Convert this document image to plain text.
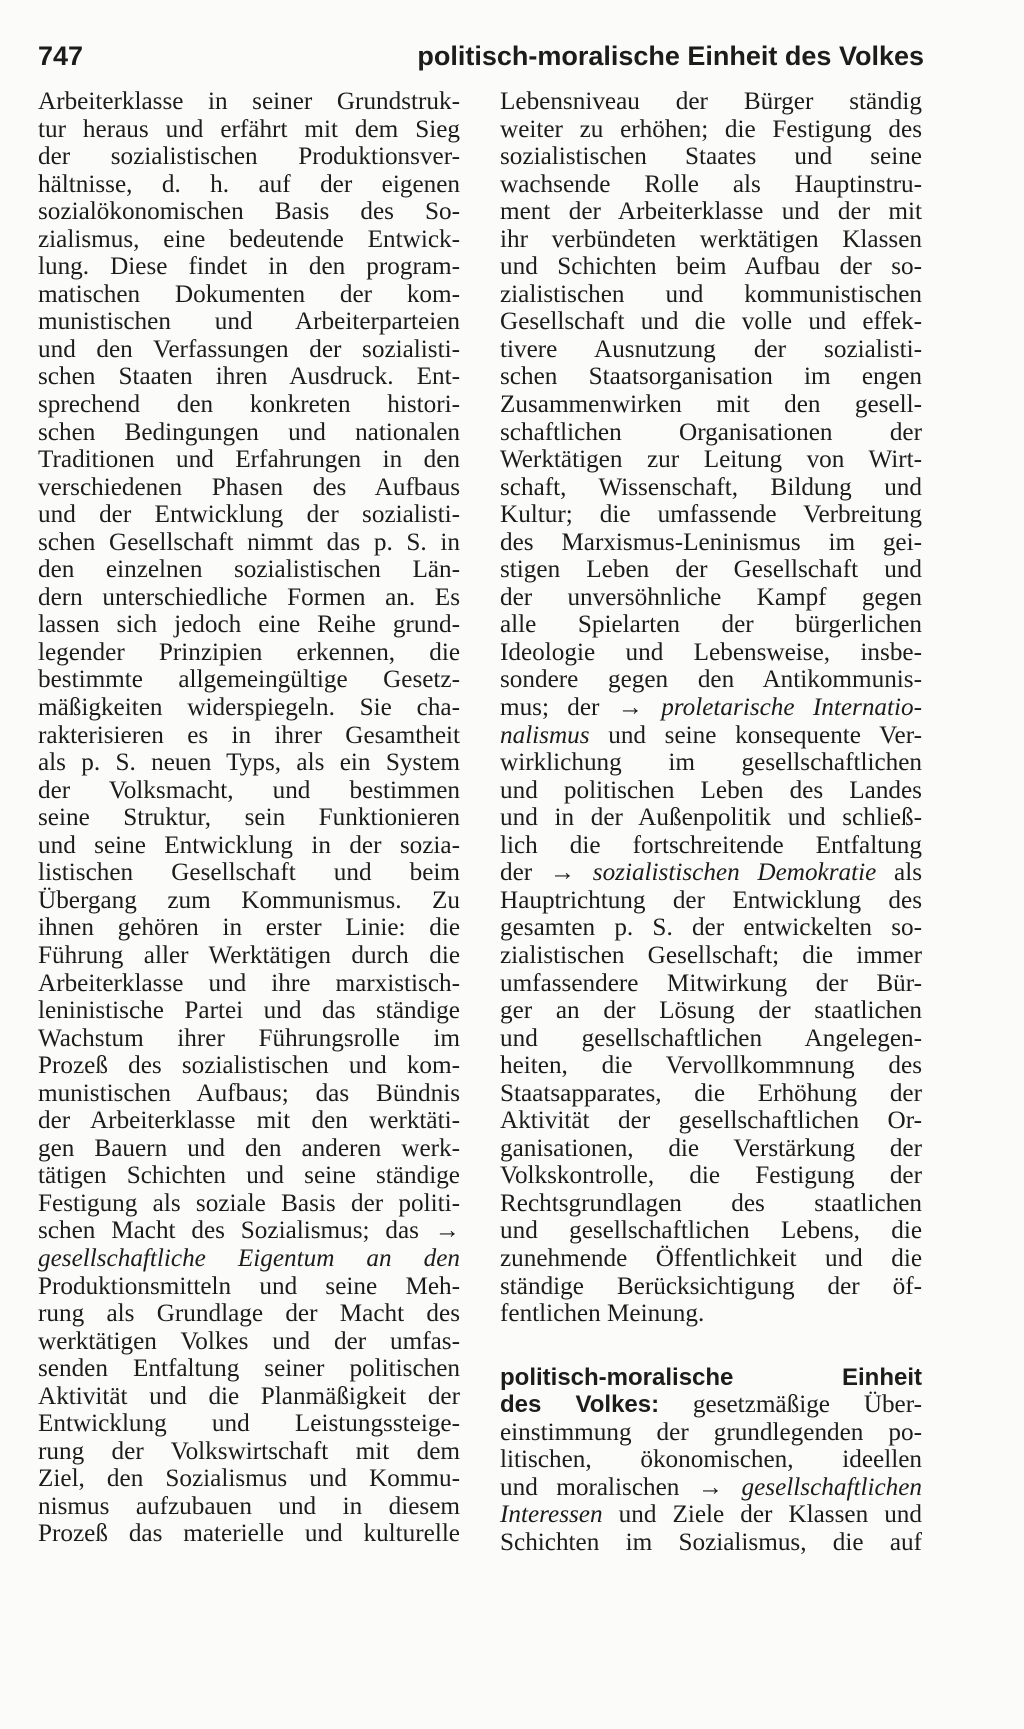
747	politisch-moralische Einheit des Volkes
Arbeiterklasse in seiner Grundstruk-
tur heraus und erfährt mit dem Sieg
der sozialistischen Produktionsver-
hältnisse, d. h. auf der eigenen
sozialökonomischen Basis des So-
zialismus, eine bedeutende Entwick-
lung. Diese findet in den program-
matischen Dokumenten der kom-
munistischen und Arbeiterparteien
und den Verfassungen der sozialisti-
schen Staaten ihren Ausdruck. Ent-
sprechend den konkreten histori-
schen Bedingungen und nationalen
Traditionen und Erfahrungen in den
verschiedenen Phasen des Aufbaus
und der Entwicklung der sozialisti-
schen Gesellschaft nimmt das p. S. in
den einzelnen sozialistischen Län-
dern unterschiedliche Formen an. Es
lassen sich jedoch eine Reihe grund-
legender Prinzipien erkennen, die
bestimmte allgemeingültige Gesetz-
mäßigkeiten widerspiegeln. Sie cha-
rakterisieren es in ihrer Gesamtheit
als p. S. neuen Typs, als ein System
der Volksmacht, und bestimmen
seine Struktur, sein Funktionieren
und seine Entwicklung in der sozia-
listischen Gesellschaft und beim
Übergang zum Kommunismus. Zu
ihnen gehören in erster Linie: die
Führung aller Werktätigen durch die
Arbeiterklasse und ihre marxistisch-
leninistische Partei und das ständige
Wachstum ihrer Führungsrolle im
Prozeß des sozialistischen und kom-
munistischen Aufbaus; das Bündnis
der Arbeiterklasse mit den werktäti-
gen Bauern und den anderen werk-
tätigen Schichten und seine ständige
Festigung als soziale Basis der politi-
schen Macht des Sozialismus; das →
gesellschaftliche Eigentum an den
Produktionsmitteln und seine Meh-
rung als Grundlage der Macht des
werktätigen Volkes und der umfas-
senden Entfaltung seiner politischen
Aktivität und die Planmäßigkeit der
Entwicklung und Leistungssteige-
rung der Volkswirtschaft mit dem
Ziel, den Sozialismus und Kommu-
nismus aufzubauen und in diesem
Prozeß das materielle und kulturelle
Lebensniveau der Bürger ständig
weiter zu erhöhen; die Festigung des
sozialistischen Staates und seine
wachsende Rolle als Hauptinstru-
ment der Arbeiterklasse und der mit
ihr verbündeten werktätigen Klassen
und Schichten beim Aufbau der so-
zialistischen und kommunistischen
Gesellschaft und die volle und effek-
tivere Ausnutzung der sozialisti-
schen Staatsorganisation im engen
Zusammenwirken mit den gesell-
schaftlichen Organisationen der
Werktätigen zur Leitung von Wirt-
schaft, Wissenschaft, Bildung und
Kultur; die umfassende Verbreitung
des Marxismus-Leninismus im gei-
stigen Leben der Gesellschaft und
der unversöhnliche Kampf gegen
alle Spielarten der bürgerlichen
Ideologie und Lebensweise, insbe-
sondere gegen den Antikommunis-
mus; der → proletarische Internatio-
nalismus und seine konsequente Ver-
wirklichung im gesellschaftlichen
und politischen Leben des Landes
und in der Außenpolitik und schließ-
lich die fortschreitende Entfaltung
der → sozialistischen Demokratie als
Hauptrichtung der Entwicklung des
gesamten p. S. der entwickelten so-
zialistischen Gesellschaft; die immer
umfassendere Mitwirkung der Bür-
ger an der Lösung der staatlichen
und gesellschaftlichen Angelegen-
heiten, die Vervollkommnung des
Staatsapparates, die Erhöhung der
Aktivität der gesellschaftlichen Or-
ganisationen, die Verstärkung der
Volkskontrolle, die Festigung der
Rechtsgrundlagen des staatlichen
und gesellschaftlichen Lebens, die
zunehmende Öffentlichkeit und die
ständige Berücksichtigung der öf-
fentlichen Meinung.
politisch-moralische Einheit
des Volkes: gesetzmäßige Über-
einstimmung der grundlegenden po-
litischen, ökonomischen, ideellen
und moralischen → gesellschaftlichen
Interessen und Ziele der Klassen und
Schichten im Sozialismus, die auf
